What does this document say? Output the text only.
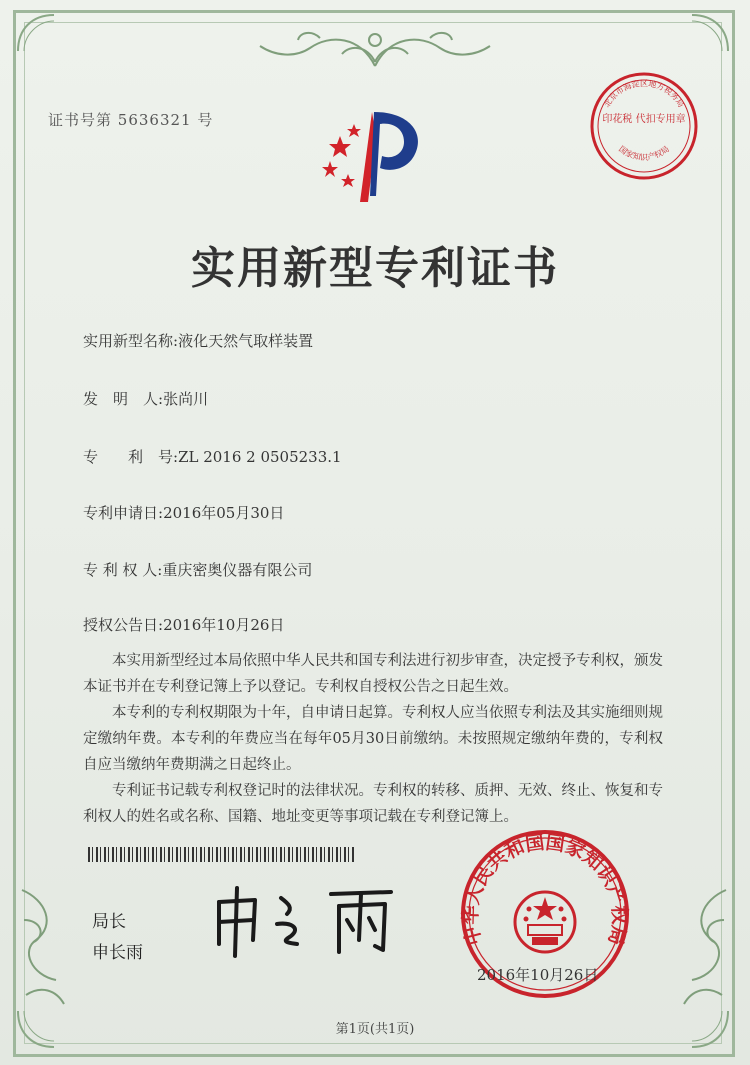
证书号第 5636321 号
北京市海淀区地方税务局
印花税 代扣专用章
国家知识产权局
实用新型专利证书
实用新型名称:液化天然气取样装置
发　明　人:张尚川
专　　利　号:ZL 2016 2 0505233.1
专利申请日:2016年05月30日
专 利 权 人:重庆密奥仪器有限公司
授权公告日:2016年10月26日
本实用新型经过本局依照中华人民共和国专利法进行初步审查，决定授予专利权，颁发本证书并在专利登记簿上予以登记。专利权自授权公告之日起生效。
本专利的专利权期限为十年，自申请日起算。专利权人应当依照专利法及其实施细则规定缴纳年费。本专利的年费应当在每年05月30日前缴纳。未按照规定缴纳年费的，专利权自应当缴纳年费期满之日起终止。
专利证书记载专利权登记时的法律状况。专利权的转移、质押、无效、终止、恢复和专利权人的姓名或名称、国籍、地址变更等事项记载在专利登记簿上。
局长
申长雨
中华人民共和国国家知识产权局
2016年10月26日
第1页(共1页)
